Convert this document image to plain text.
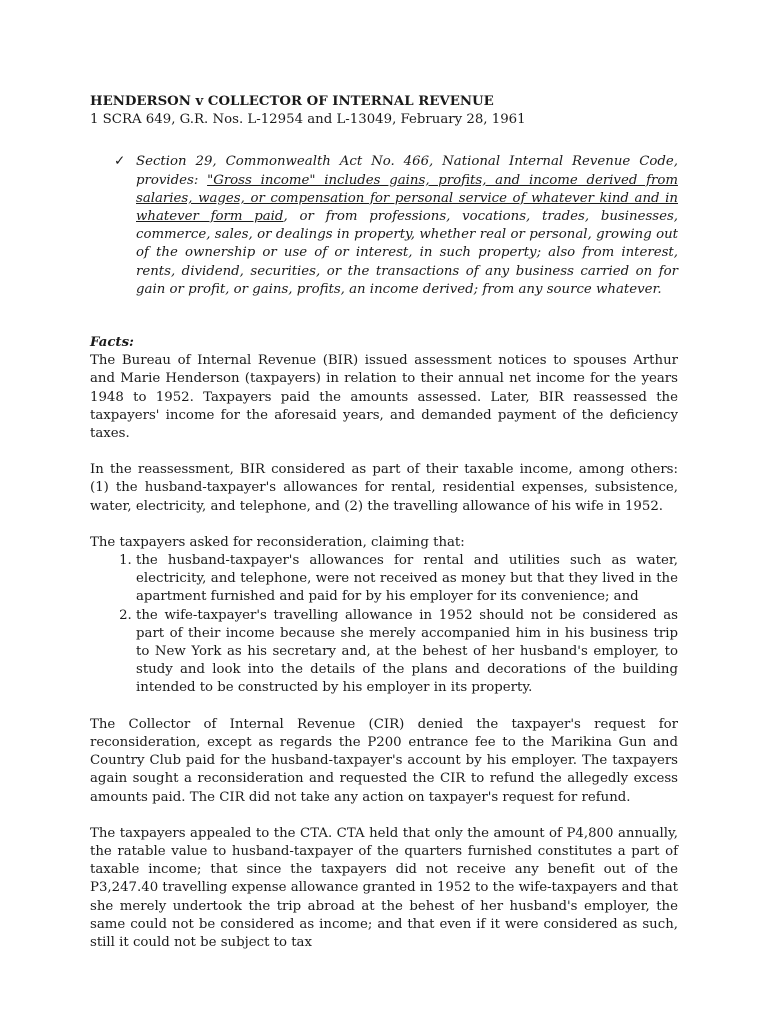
HENDERSON v COLLECTOR OF INTERNAL REVENUE
1 SCRA 649, G.R. Nos. L-12954 and L-13049, February 28, 1961
✓ Section 29, Commonwealth Act No. 466, National Internal Revenue Code, provides: "Gross income" includes gains, profits, and income derived from salaries, wages, or compensation for personal service of whatever kind and in whatever form paid, or from professions, vocations, trades, businesses, commerce, sales, or dealings in property, whether real or personal, growing out of the ownership or use of or interest, in such property; also from interest, rents, dividend, securities, or the transactions of any business carried on for gain or profit, or gains, profits, an income derived; from any source whatever.
Facts:

The Bureau of Internal Revenue (BIR) issued assessment notices to spouses Arthur and Marie Henderson (taxpayers) in relation to their annual net income for the years 1948 to 1952. Taxpayers paid the amounts assessed. Later, BIR reassessed the taxpayers' income for the aforesaid years, and demanded payment of the deficiency taxes.

In the reassessment, BIR considered as part of their taxable income, among others: (1) the husband-taxpayer's allowances for rental, residential expenses, subsistence, water, electricity, and telephone, and (2) the travelling allowance of his wife in 1952.

The taxpayers asked for reconsideration, claiming that:

1. the husband-taxpayer's allowances for rental and utilities such as water, electricity, and telephone, were not received as money but that they lived in the apartment furnished and paid for by his employer for its convenience; and
2. the wife-taxpayer's travelling allowance in 1952 should not be considered as part of their income because she merely accompanied him in his business trip to New York as his secretary and, at the behest of her husband's employer, to study and look into the details of the plans and decorations of the building intended to be constructed by his employer in its property.

The Collector of Internal Revenue (CIR) denied the taxpayer's request for reconsideration, except as regards the P200 entrance fee to the Marikina Gun and Country Club paid for the husband-taxpayer's account by his employer. The taxpayers again sought a reconsideration and requested the CIR to refund the allegedly excess amounts paid. The CIR did not take any action on taxpayer's request for refund.

The taxpayers appealed to the CTA. CTA held that only the amount of P4,800 annually, the ratable value to husband-taxpayer of the quarters furnished constitutes a part of taxable income; that since the taxpayers did not receive any benefit out of the P3,247.40 travelling expense allowance granted in 1952 to the wife-taxpayers and that she merely undertook the trip abroad at the behest of her husband's employer, the same could not be considered as income; and that even if it were considered as such, still it could not be subject to tax
